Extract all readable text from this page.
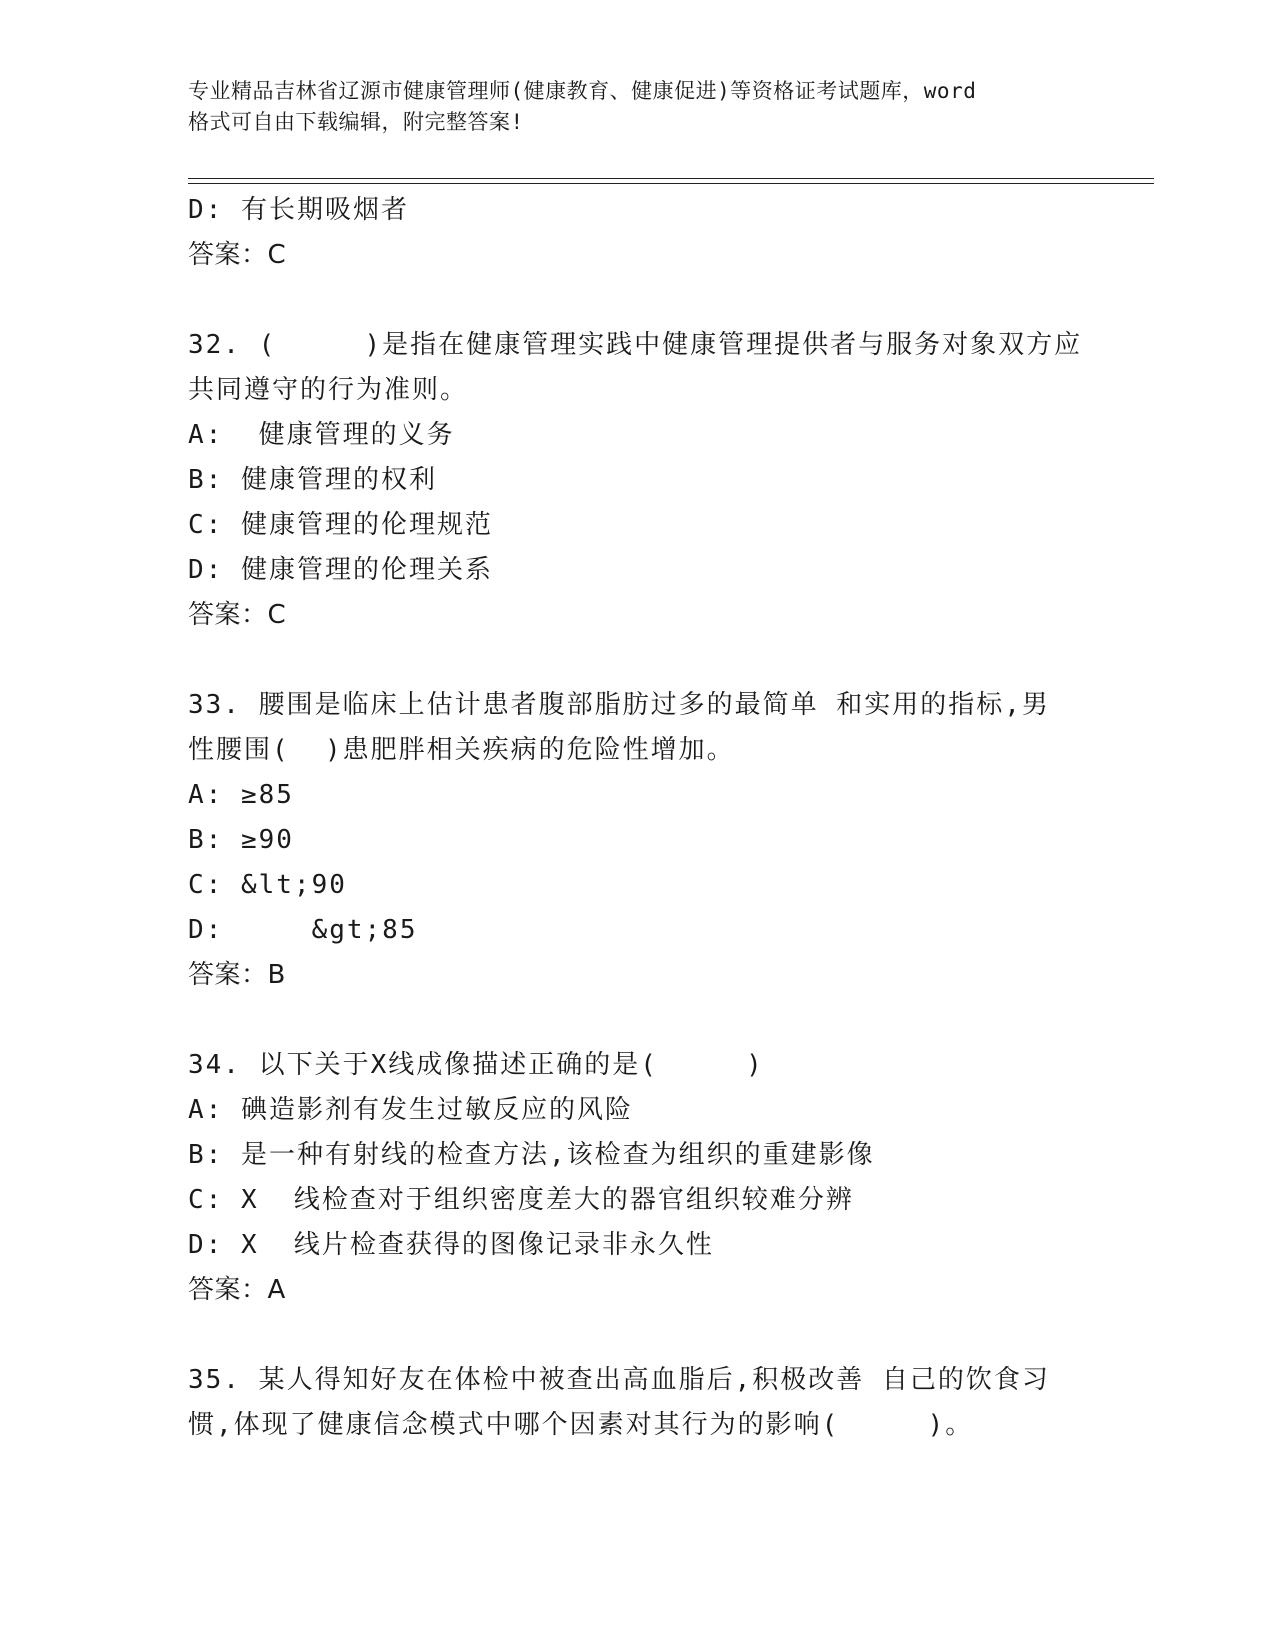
专业精品吉林省辽源市健康管理师(健康教育、健康促进)等资格证考试题库，word
格式可自由下载编辑，附完整答案!
D: 有长期吸烟者
答案：C
32. (     )是指在健康管理实践中健康管理提供者与服务对象双方应
共同遵守的行为准则。
A:  健康管理的义务
B: 健康管理的权利
C: 健康管理的伦理规范
D: 健康管理的伦理关系
答案：C
33. 腰围是临床上估计患者腹部脂肪过多的最简单 和实用的指标,男
性腰围(  )患肥胖相关疾病的危险性增加。
A: ≥85
B: ≥90
C: &lt;90
D:     &gt;85
答案：B
34. 以下关于X线成像描述正确的是(     )
A: 碘造影剂有发生过敏反应的风险
B: 是一种有射线的检查方法,该检查为组织的重建影像
C: X  线检查对于组织密度差大的器官组织较难分辨
D: X  线片检查获得的图像记录非永久性
答案：A
35. 某人得知好友在体检中被查出高血脂后,积极改善 自己的饮食习
惯,体现了健康信念模式中哪个因素对其行为的影响(     )。
